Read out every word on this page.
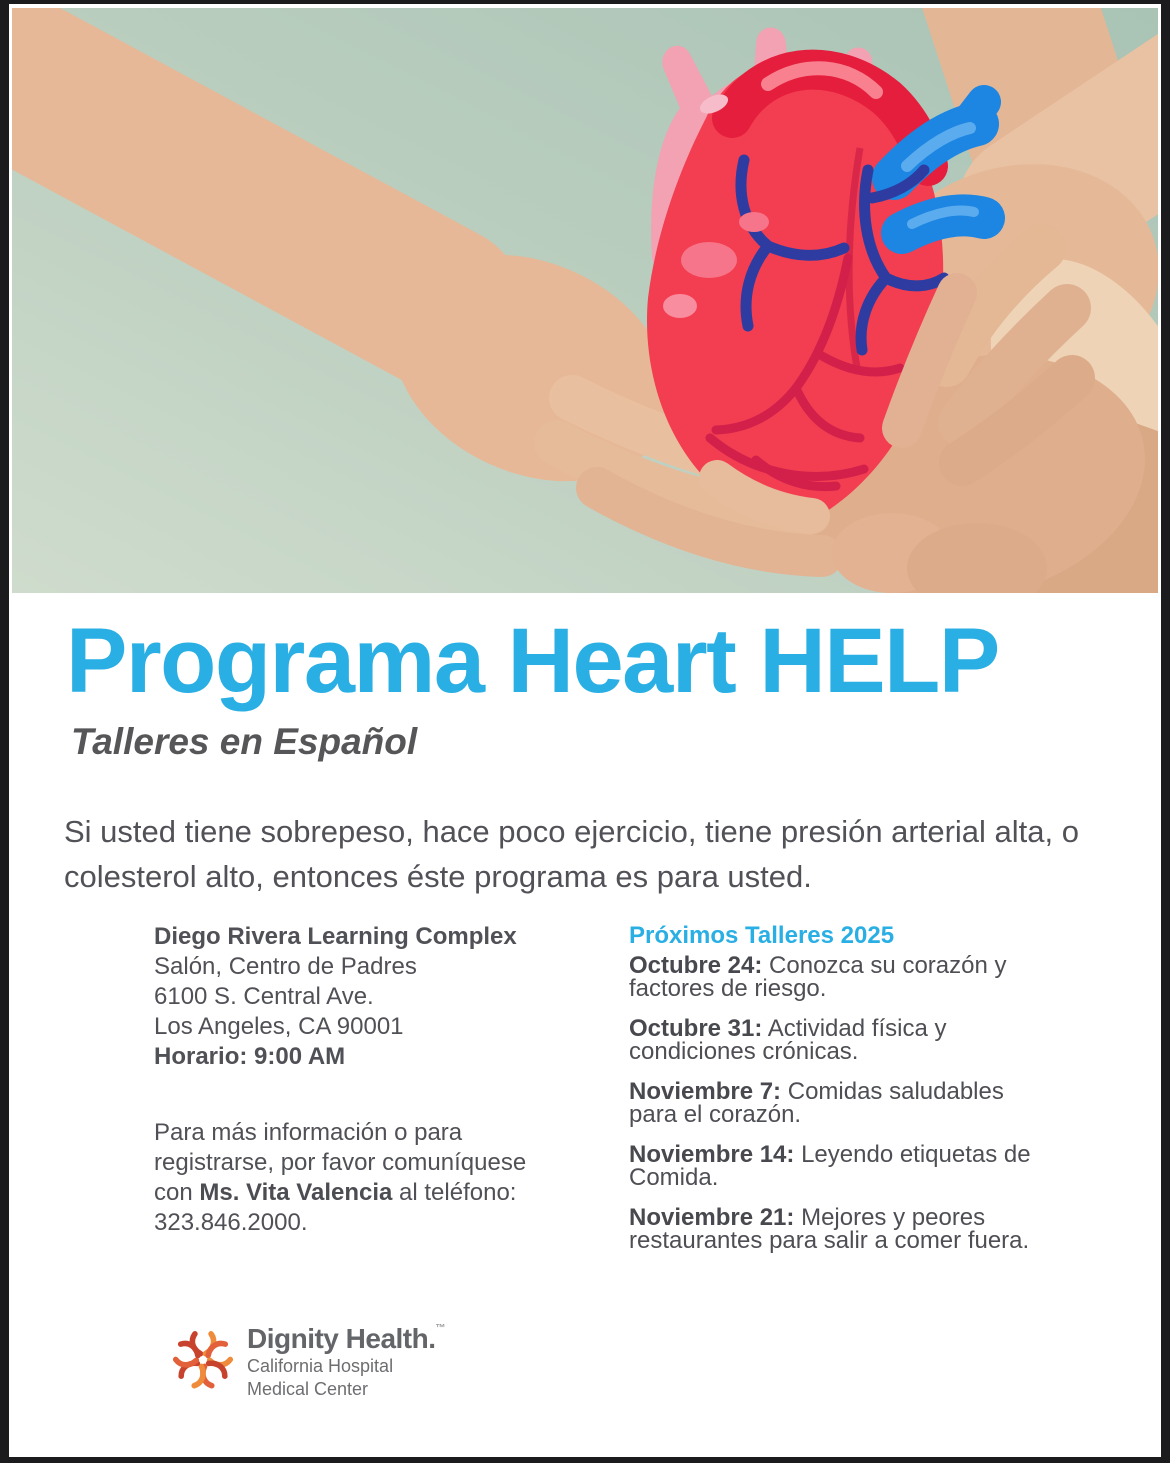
Programa Heart HELP
Talleres en Español

Si usted tiene sobrepeso, hace poco ejercicio, tiene presión arterial alta, o colesterol alto, entonces éste programa es para usted.

Diego Rivera Learning Complex
Salón, Centro de Padres
6100 S. Central Ave.
Los Angeles, CA 90001
Horario: 9:00 AM

Para más información o para registrarse, por favor comuníquese con Ms. Vita Valencia al teléfono: 323.846.2000.

Próximos Talleres 2025

Octubre 24: Conozca su corazón y factores de riesgo.

Octubre 31: Actividad física y condiciones crónicas.

Noviembre 7: Comidas saludables para el corazón.

Noviembre 14: Leyendo etiquetas de Comida.

Noviembre 21: Mejores y peores restaurantes para salir a comer fuera.

Dignity Health.™
California Hospital
Medical Center
